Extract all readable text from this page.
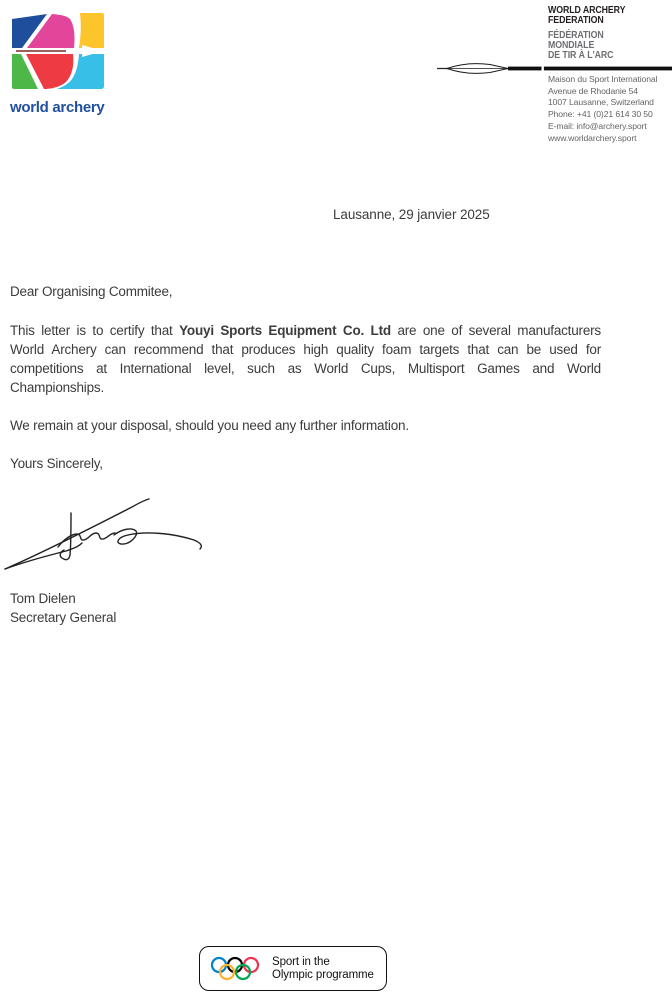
world archery
WORLD ARCHERY
FEDERATION
FÉDÉRATION
MONDIALE
DE TIR À L'ARC
Maison du Sport International
Avenue de Rhodanie 54
1007 Lausanne, Switzerland
Phone: +41 (0)21 614 30 50
E-mail: info@archery.sport
www.worldarchery.sport
Lausanne, 29 janvier 2025
Dear Organising Commitee,
This letter is to certify that Youyi Sports Equipment Co. Ltd are one of several manufacturers
World Archery can recommend that produces high quality foam targets that can be used for
competitions at International level, such as World Cups, Multisport Games and World
Championships.
We remain at your disposal, should you need any further information.
Yours Sincerely,
Tom Dielen
Secretary General
Sport in the
Olympic programme
